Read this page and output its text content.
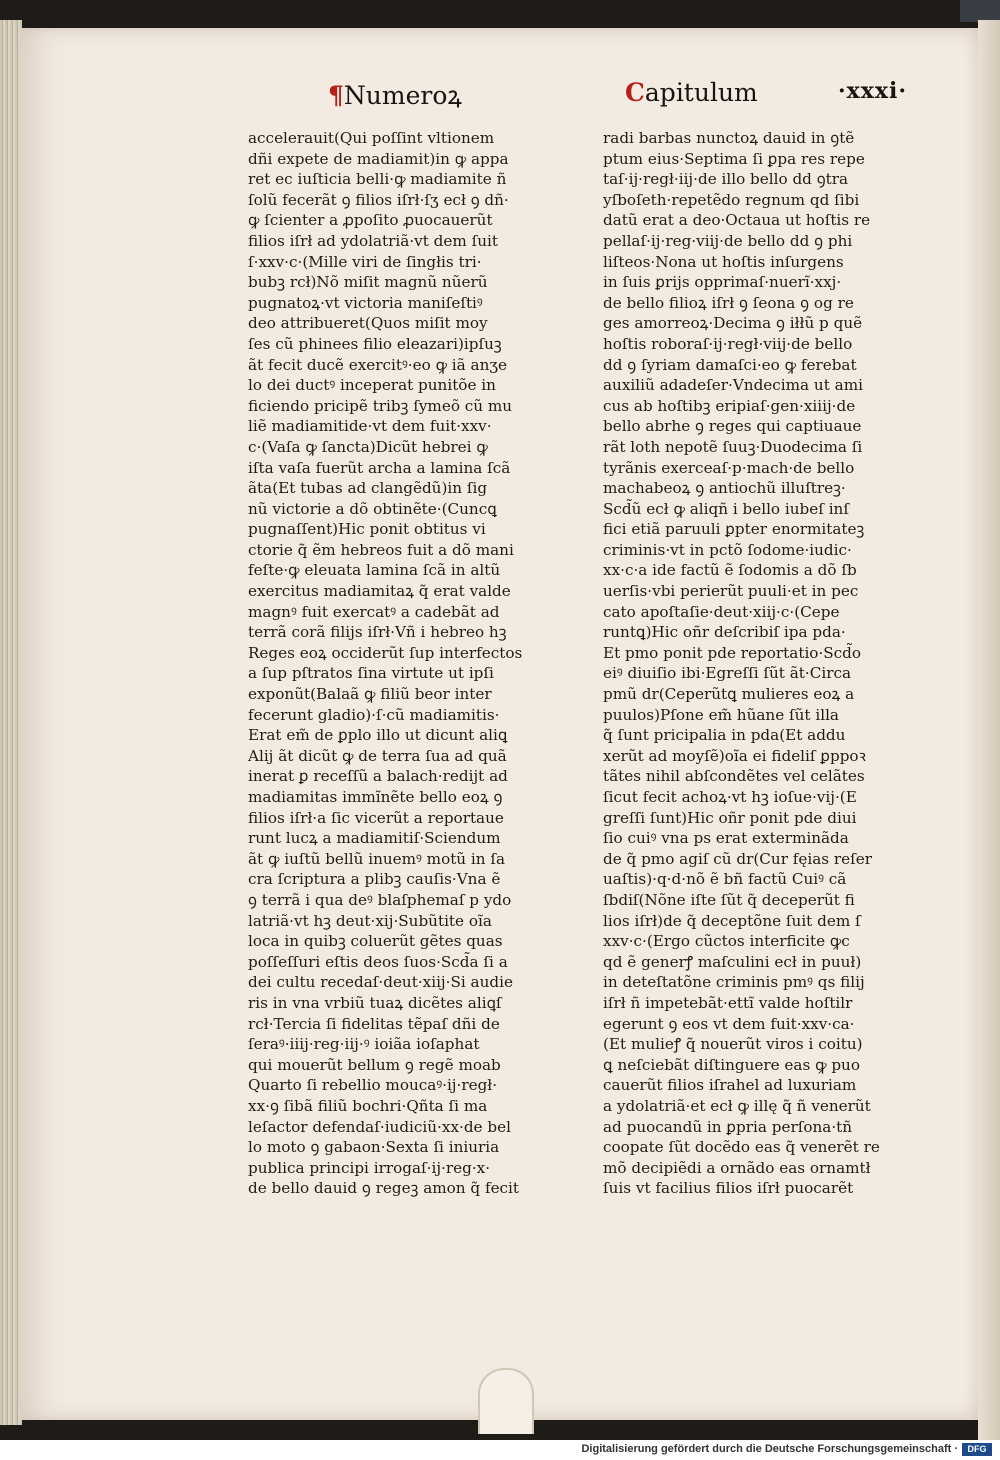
¶Numeroꝝ	Capitulum	·xxxi·
accelerauit(Qui poſſint vltionem
dñi expete de madiamit)in ꝙ appa
ret ec iuſticia belli·ꝙ madiamite ñ
ſolũ fecerãt ꝯ filios iſrł·ſʒ ecł ꝯ dñ·
ꝙ ſcienter a ꝓpoſito ꝓuocauerũt
filios iſrł ad ydolatriã·vt dem ſuit
ſ·xxv·c·(Mille viri de ſingłis tri·
bubꝫ rcł)Nõ miſit magnũ nũerũ
pugnatoꝝ·vt victoria maniſeſtiꝰ
deo attribueret(Quos miſit moy
ſes cũ phinees filio eleazari)ipſuꝫ
ãt fecit ducẽ exercitꝰ·eo ꝙ iã anʒe
lo dei ductꝰ inceperat punitõe in
ficiendo pricipẽ tribꝫ ſymeõ cũ mu
liẽ madiamitide·vt dem fuit·xxv·
c·(Vaſa ꝙ ſancta)Dicũt hebrei ꝙ
iſta vaſa fuerũt archa a lamina ſcã
ãta(Et tubas ad clangẽdũ)in ſig
nũ victorie a dõ obtinẽte·(Cuncꝗ
pugnaſſent)Hic ponit obtitus vi
ctorie q̃ ẽm hebreos fuit a dõ mani
feſte·ꝙ eleuata lamina ſcã in altũ
exercitus madiamitaꝝ q̃ erat valde
magnꝰ fuit exercatꝰ a cadebãt ad
terrã corã filijs iſrł·Vñ i hebreo hꝫ
Reges eoꝝ occiderũt ſup interfectos
a ſup pſtratos ſina virtute ut ipſi
exponũt(Balaã ꝙ filiũ beor inter
fecerunt gladio)·ſ·cũ madiamitis·
Erat em̃ de ꝑplo illo ut dicunt aliꝗ
Alij ãt dicũt ꝙ de terra ſua ad quã
inerat ꝑ receſſũ a balach·redijt ad
madiamitas immĩnẽte bello eoꝝ ꝯ
filios iſrł·a ſic vicerũt a reportaue
runt lucꝝ a madiamitiſ·Sciendum
ãt ꝙ iuſtũ bellũ inuemꝰ motũ in ſa
cra ſcriptura a plibꝫ cauſis·Vna ẽ
ꝯ terrã i qua deꝰ blaſphemaſ p ydo
latriã·vt hꝫ deut·xij·Subũtite oĩa
loca in quibꝫ coluerũt gẽtes quas
poſſeſſuri eſtis deos ſuos·Scd̃a ſi a
dei cultu recedaſ·deut·xiij·Si audie
ris in vna vrbiũ tuaꝝ dicẽtes aliꝗſ
rcł·Tercia ſi fidelitas tẽpaſ dñi de
ſeraꝰ·iiij·reg·iij·ꝰ ioiãa ioſaphat
qui mouerũt bellum ꝯ regẽ moab
Quarto ſi rebellio moucaꝰ·ij·regł·
xx·ꝯ ſibã filiũ bochri·Qñta ſi ma
leſactor defendaſ·iudiciũ·xx·de bel
lo moto ꝯ gabaon·Sexta ſi iniuria
publica principi irrogaſ·ij·reg·x·
de bello dauid ꝯ regeꝫ amon q̃ fecit
radi barbas nunctoꝝ dauid in ꝯtẽ
ptum eius·Septima ſi ꝑpa res repe
taſ·ij·regł·iij·de illo bello dd ꝯtra
yſboſeth·repetẽdo regnum qd ſibi
datũ erat a deo·Octaua ut hoſtis re
pellaſ·ij·reg·viij·de bello dd ꝯ phi
liſteos·Nona ut hoſtis inſurgens
in ſuis ꝑrijs opprimaſ·nuerĩ·xxj·
de bello filioꝝ iſrł ꝯ ſeona ꝯ og re
ges amorreoꝝ·Decima ꝯ iłłũ p quẽ
hoſtis roboraſ·ij·regł·viij·de bello
dd ꝯ ſyriam damaſci·eo ꝙ ferebat
auxiliũ adadeſer·Vndecima ut ami
cus ab hoſtibꝫ eripiaſ·gen·xiiij·de
bello abrhe ꝯ reges qui captiuaue
rãt loth nepotẽ ſuuꝫ·Duodecima ſi
tyrãnis exerceaſ·p·mach·de bello
machabeoꝝ ꝯ antiochũ illuſtreꝫ·
Scd̃ũ ecł ꝙ aliqñ i bello iubeſ inſ
fici etiã paruuli ꝑpter enormitateꝫ
criminis·vt in pctõ ſodome·iudic·
xx·c·a ide factũ ẽ ſodomis a dõ ſb
uerſis·vbi perierũt puuli·et in pec
cato apoſtaſie·deut·xiij·c·(Cepe
runtꝗ)Hic oñr deſcribiſ ipa pda·
Et pmo ponit pde reportatio·Scd̃o
eiꝰ diuiſio ibi·Egreſſi ſũt ãt·Circa
pmũ dr(Ceperũtꝗ mulieres eoꝝ a
puulos)Pſone em̃ hũane ſũt illa
q̃ ſunt pricipalia in pda(Et addu
xerũt ad moyſẽ)oĩa ei fideliſ ꝑppoꝛ
tãtes nihil abſcondẽtes vel celãtes
ſicut fecit achoꝝ·vt hꝫ ioſue·vij·(E
greſſi ſunt)Hic oñr ponit pde diui
ſio cuiꝰ vna ps erat exterminãda
de q̃ pmo agiſ cũ dr(Cur fęias reſer
uaſtis)·q·d·nõ ẽ bñ factũ Cuiꝰ cã
ſbdiſ(Nõne iſte ſũt q̃ deceperũt fi
lios iſrł)de q̃ deceptõne ſuit dem ſ
xxv·c·(Ergo cũctos interficite ꝙc
qd ẽ generꝭ maſculini ecł in puuł)
in deteſtatõne criminis pmꝰ qs filij
iſrł ñ impetebãt·ettĩ valde hoſtilr
egerunt ꝯ eos vt dem fuit·xxv·ca·
(Et mulieꝭ q̃ nouerũt viros i coitu)
ꝗ neſciebãt diſtinguere eas ꝙ puo
cauerũt filios iſrahel ad luxuriam
a ydolatriã·et ecł ꝙ illę q̃ ñ venerũt
ad puocandũ in ꝑpria perſona·tñ
coopate ſũt docẽdo eas q̃ venerẽt re
mõ decipiẽdi a ornãdo eas ornamtł
ſuis vt facilius filios iſrł puocarẽt
Digitalisierung gefördert durch die Deutsche Forschungsgemeinschaft ·	DFG
